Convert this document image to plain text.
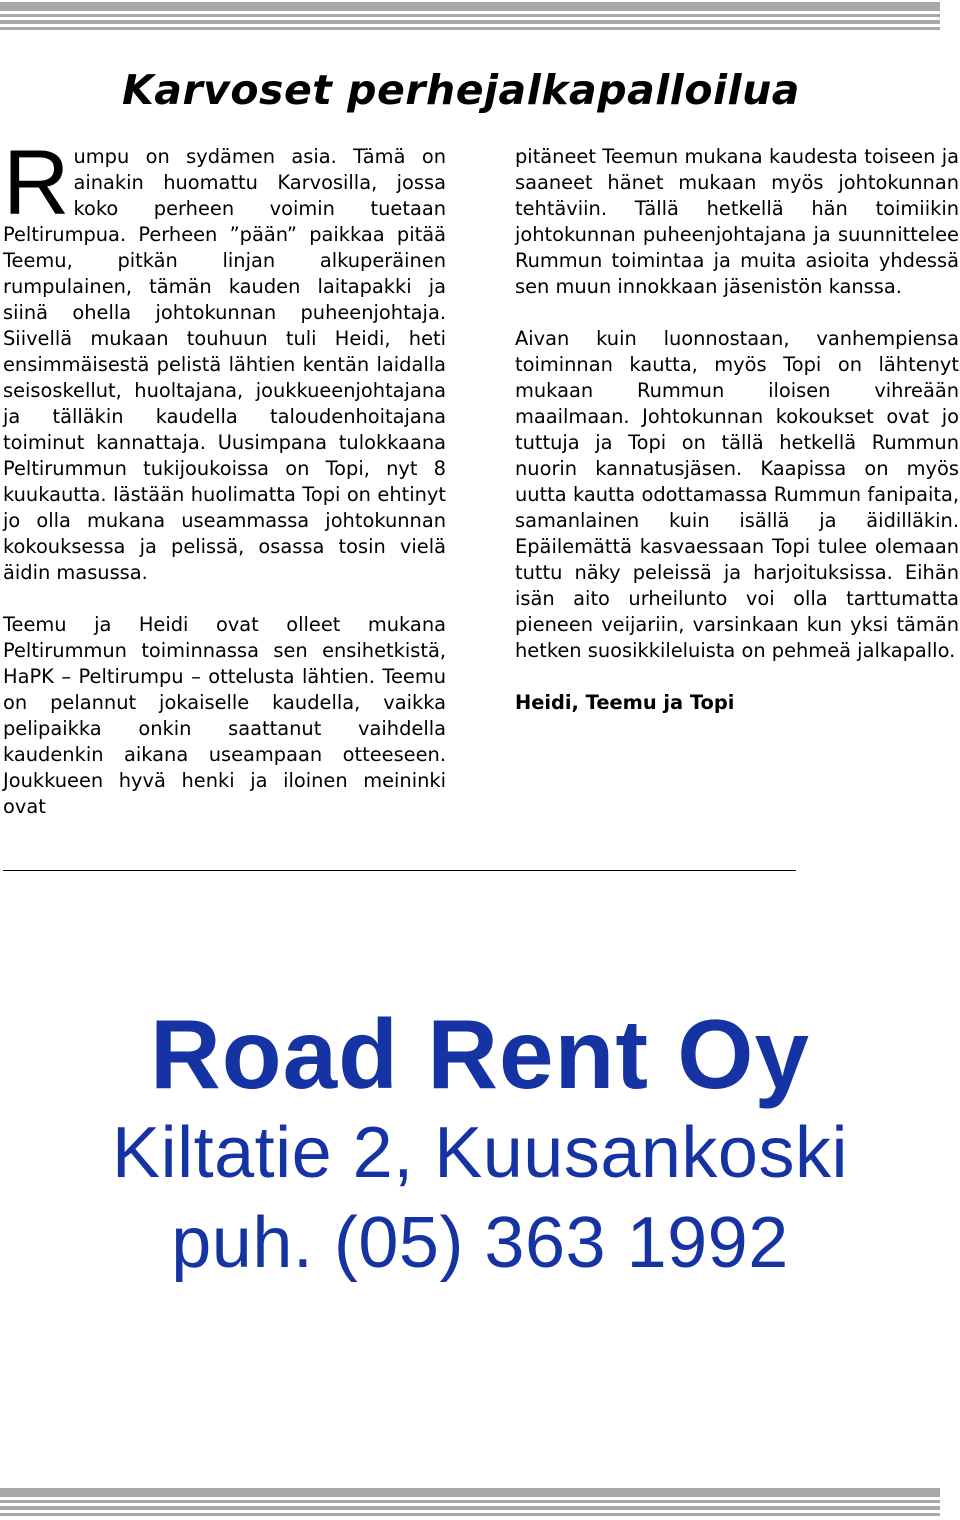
Karvoset perhejalkapalloilua

Rumpu on sydämen asia. Tämä on ainakin huomattu Karvosilla, jossa koko perheen voimin tuetaan Peltirumpua. Perheen ”pään” paikkaa pitää Teemu, pitkän linjan alkuperäinen rumpulainen, tämän kauden laitapakki ja siinä ohella johtokunnan puheenjohtaja. Siivellä mukaan touhuun tuli Heidi, heti ensimmäisestä pelistä lähtien kentän laidalla seisoskellut, huoltajana, joukkueenjohtajana ja tälläkin kaudella taloudenhoitajana toiminut kannattaja. Uusimpana tulokkaana Peltirummun tukijoukoissa on Topi, nyt 8 kuukautta. Iästään huolimatta Topi on ehtinyt jo olla mukana useammassa johtokunnan kokouksessa ja pelissä, osassa tosin vielä äidin masussa.

Teemu ja Heidi ovat olleet mukana Peltirummun toiminnassa sen ensihetkistä, HaPK – Peltirumpu – ottelusta lähtien. Teemu on pelannut jokaiselle kaudella, vaikka pelipaikka onkin saattanut vaihdella kaudenkin aikana useampaan otteeseen. Joukkueen hyvä henki ja iloinen meininki ovat

pitäneet Teemun mukana kaudesta toiseen ja saaneet hänet mukaan myös johtokunnan tehtäviin. Tällä hetkellä hän toimiikin johtokunnan puheenjohtajana ja suunnittelee Rummun toimintaa ja muita asioita yhdessä sen muun innokkaan jäsenistön kanssa.

Aivan kuin luonnostaan, vanhempiensa toiminnan kautta, myös Topi on lähtenyt mukaan Rummun iloisen vihreään maailmaan. Johtokunnan kokoukset ovat jo tuttuja ja Topi on tällä hetkellä Rummun nuorin kannatusjäsen. Kaapissa on myös uutta kautta odottamassa Rummun fanipaita, samanlainen kuin isällä ja äidilläkin. Epäilemättä kasvaessaan Topi tulee olemaan tuttu näky peleissä ja harjoituksissa. Eihän isän aito urheilunto voi olla tarttumatta pieneen veijariin, varsinkaan kun yksi tämän hetken suosikkileluista on pehmeä jalkapallo.

Heidi, Teemu ja Topi

Road Rent Oy
Kiltatie 2, Kuusankoski
puh. (05) 363 1992
